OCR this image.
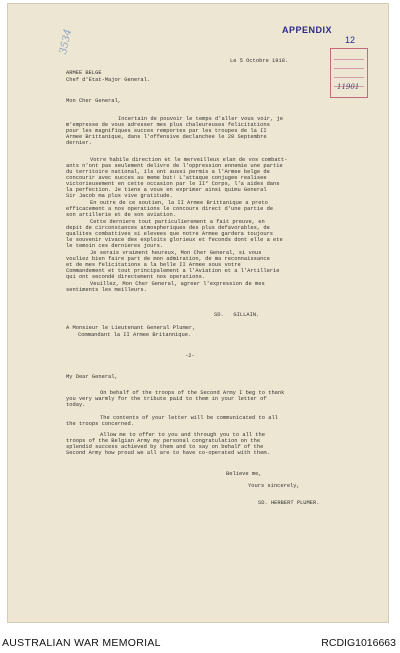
3534	APPENDIX
12
11901
Le 5 Octobre 1918.
ARMEE BELGE
Chef d'Etat-Major General.
Mon Cher General,
Incertain de pouvoir le temps d'aller vous voir, je
m'empresse de vous adresser mes plus chaleureuses felicitations
pour les magnifiques succes remportes par les troupes de la II
Armee Brittanique, dans l'offensive declanchee le 28 Septembre
dernier.
Votre habile direction et le merveilleux elan de vos combatt-
ants n'ont pas seulement delivre de l'oppression ennemie une partie
du territoire national, ils ont aussi permis a l'Armee belge de
concourir avec succes au meme but! L'attaque conjugee realisee
victorieusement en cette occasion par le II° Corps, l'a aides dans
la perfection. Je tiens a vous en exprimer ainsi quimu General
Sir Jacob ma plus vive gratitude.
En outre de ce soutien, la II Armee Brittanique a preto
efficacement a nos operations le concours direct d'une partie de
son artillerie et de son aviation.
Cette derniere tout particulierement a fait preuve, en
depit de circonstances atmospheriques des plus defavorables, de
qualites combattives si elevees que notre Armee gardera toujours
le souvenir vivace des exploits glorieux et feconds dont elle a ete
le temoin ces dernieres jours.
Je serais vraiment heureux, Mon Cher General, si vous
vouliez bien faire part de mon admiration, de ma reconnaissance
et de mes felicitations a la belle II Armee sous votre
Commandement et tout principalement a l'Aviation et a l'Artillerie
qui ont secondé directement nos operations.
Veuillez, Mon Cher General, agreer l'expression de mes
sentiments les meilleurs.
SD.   GILLAIN.
A Monsieur le Lieutenant General Plumer,
Commandant la II Armee Britannique.
-2-
My Dear General,
On behalf of the troops of the Second Army I beg to thank
you very warmly for the tribute paid to them in your letter of
today.
The contents of your letter will be communicated to all
the troops concerned.
Allow me to offer to you and through you to all the
troops of the Belgian Army my personal congratulation on the
splendid success achieved by them and to say on behalf of the
Second Army how proud we all are to have co-operated with them.
Believe me,
Yours sincerely,
SD. HERBERT PLUMER.
AUSTRALIAN WAR MEMORIAL	RCDIG1016663
